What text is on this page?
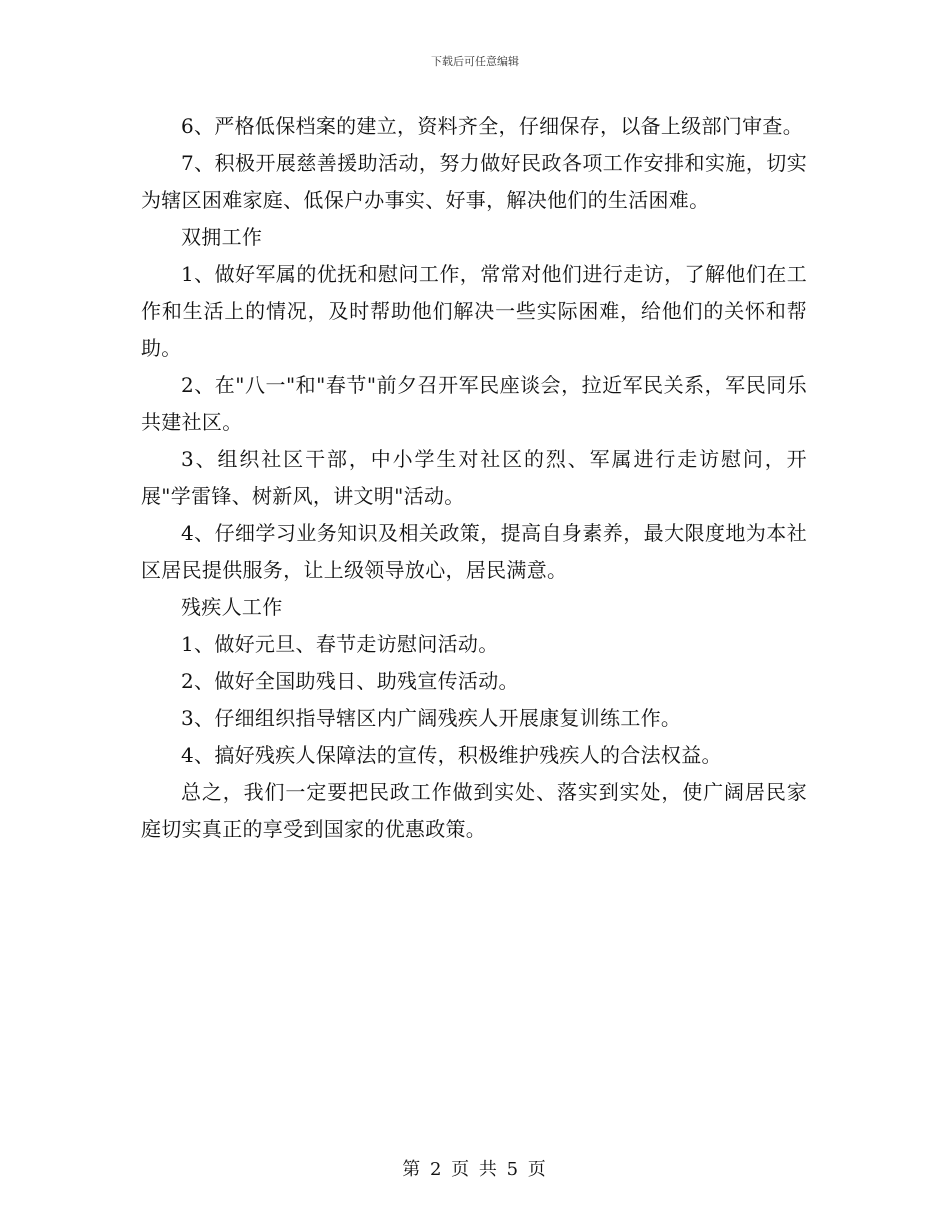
下载后可任意编辑

6、严格低保档案的建立，资料齐全，仔细保存，以备上级部门审查。

7、积极开展慈善援助活动，努力做好民政各项工作安排和实施，切实为辖区困难家庭、低保户办事实、好事，解决他们的生活困难。

双拥工作

1、做好军属的优抚和慰问工作，常常对他们进行走访，了解他们在工作和生活上的情况，及时帮助他们解决一些实际困难，给他们的关怀和帮助。

2、在"八一"和"春节"前夕召开军民座谈会，拉近军民关系，军民同乐共建社区。

3、组织社区干部，中小学生对社区的烈、军属进行走访慰问，开展"学雷锋、树新风，讲文明"活动。

4、仔细学习业务知识及相关政策，提高自身素养，最大限度地为本社区居民提供服务，让上级领导放心，居民满意。

残疾人工作

1、做好元旦、春节走访慰问活动。

2、做好全国助残日、助残宣传活动。

3、仔细组织指导辖区内广阔残疾人开展康复训练工作。

4、搞好残疾人保障法的宣传，积极维护残疾人的合法权益。

总之，我们一定要把民政工作做到实处、落实到实处，使广阔居民家庭切实真正的享受到国家的优惠政策。

第 2 页 共 5 页
